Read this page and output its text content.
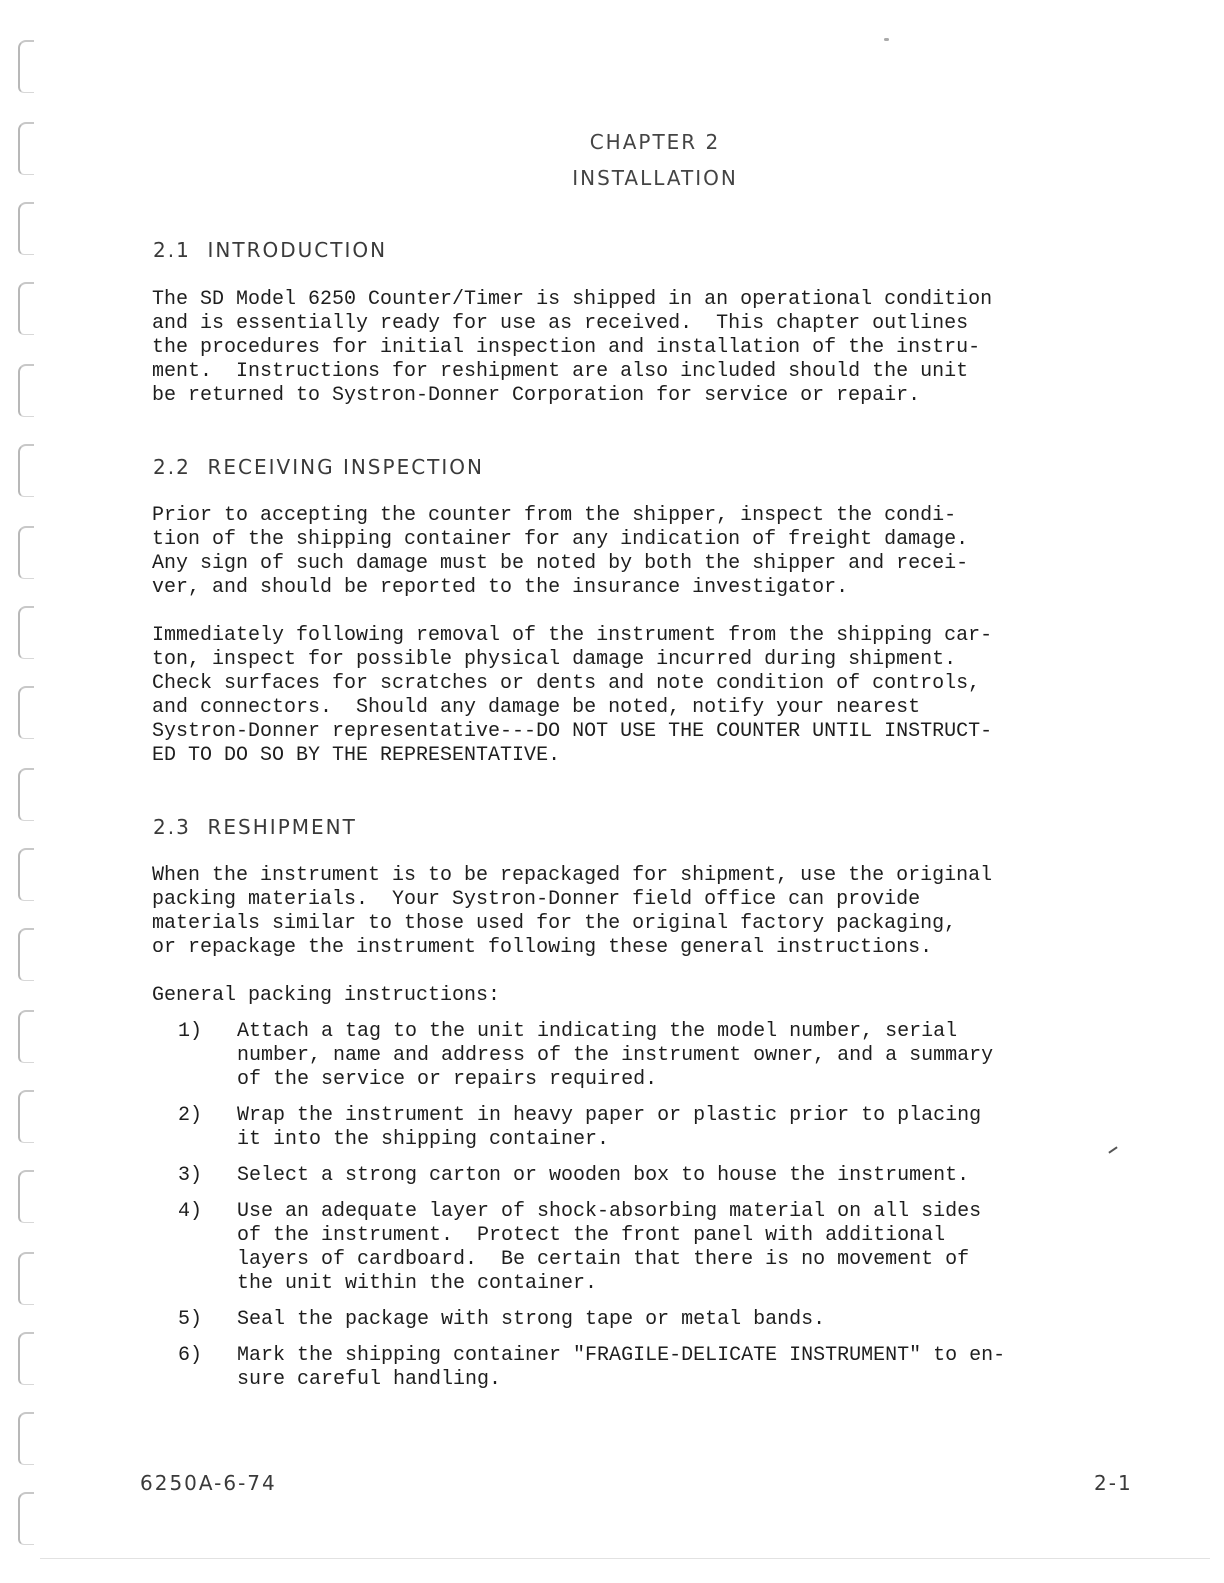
CHAPTER 2
INSTALLATION
2.1  INTRODUCTION
The SD Model 6250 Counter/Timer is shipped in an operational condition
and is essentially ready for use as received.  This chapter outlines
the procedures for initial inspection and installation of the instru-
ment.  Instructions for reshipment are also included should the unit
be returned to Systron-Donner Corporation for service or repair.
2.2  RECEIVING INSPECTION
Prior to accepting the counter from the shipper, inspect the condi-
tion of the shipping container for any indication of freight damage.
Any sign of such damage must be noted by both the shipper and recei-
ver, and should be reported to the insurance investigator.
Immediately following removal of the instrument from the shipping car-
ton, inspect for possible physical damage incurred during shipment.
Check surfaces for scratches or dents and note condition of controls,
and connectors.  Should any damage be noted, notify your nearest
Systron-Donner representative---DO NOT USE THE COUNTER UNTIL INSTRUCT-
ED TO DO SO BY THE REPRESENTATIVE.
2.3  RESHIPMENT
When the instrument is to be repackaged for shipment, use the original
packing materials.  Your Systron-Donner field office can provide
materials similar to those used for the original factory packaging,
or repackage the instrument following these general instructions.
General packing instructions:
1) Attach a tag to the unit indicating the model number, serial
number, name and address of the instrument owner, and a summary
of the service or repairs required.
2) Wrap the instrument in heavy paper or plastic prior to placing
it into the shipping container.
3) Select a strong carton or wooden box to house the instrument.
4) Use an adequate layer of shock-absorbing material on all sides
of the instrument.  Protect the front panel with additional
layers of cardboard.  Be certain that there is no movement of
the unit within the container.
5) Seal the package with strong tape or metal bands.
6) Mark the shipping container "FRAGILE-DELICATE INSTRUMENT" to en-
sure careful handling.
6250A-6-74	2-1
